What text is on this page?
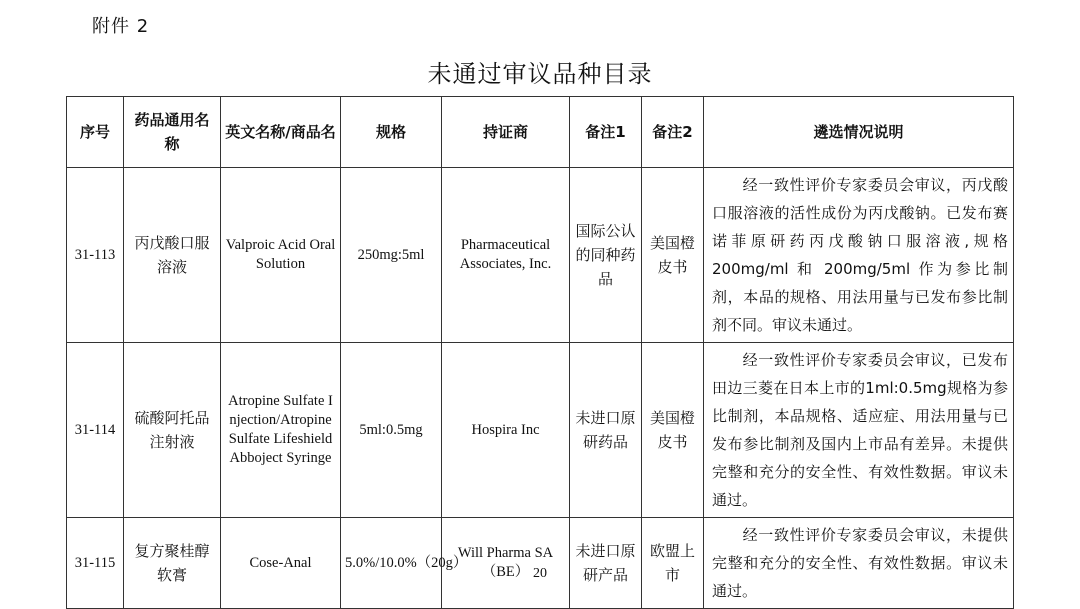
附件 2
未通过审议品种目录
序号	药品通用名称	英文名称/商品名	规格	持证商	备注1	备注2	遴选情况说明
31-113	丙戊酸口服溶液	Valproic Acid Oral Solution	250mg:5ml	Pharmaceutical Associates, Inc.	国际公认的同种药品	美国橙皮书	经一致性评价专家委员会审议，丙戊酸口服溶液的活性成份为丙戊酸钠。已发布赛诺菲原研药丙戊酸钠口服溶液,规格 200mg/ml 和 200mg/5ml 作为参比制剂，本品的规格、用法用量与已发布参比制剂不同。审议未通过。
31-114	硫酸阿托品注射液	Atropine Sulfate Injection/Atropine Sulfate Lifeshield Abboject Syringe	5ml:0.5mg	Hospira Inc	未进口原研药品	美国橙皮书	经一致性评价专家委员会审议，已发布田边三菱在日本上市的1ml:0.5mg规格为参比制剂，本品规格、适应症、用法用量与已发布参比制剂及国内上市品有差异。未提供完整和充分的安全性、有效性数据。审议未通过。
31-115	复方聚桂醇软膏	Cose-Anal	5.0%/10.0%（20g）	Will Pharma SA（BE）	未进口原研产品	欧盟上市	经一致性评价专家委员会审议，未提供完整和充分的安全性、有效性数据。审议未通过。
20
